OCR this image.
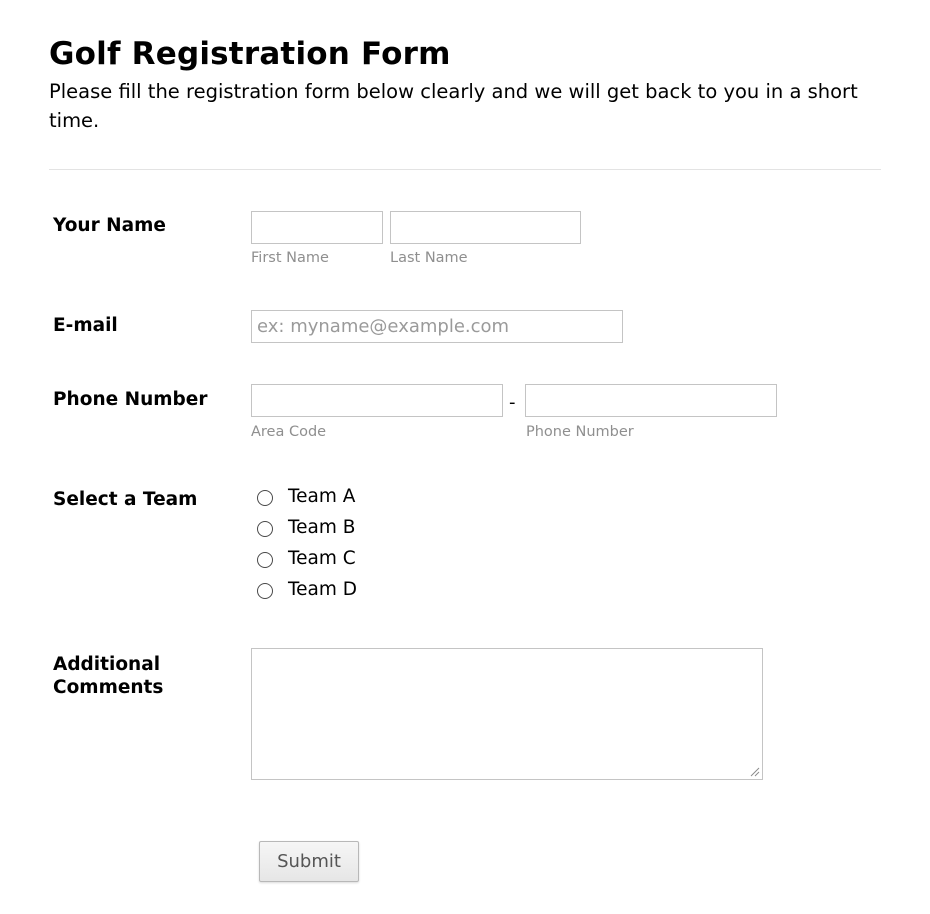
Golf Registration Form

Please fill the registration form below clearly and we will get back to you in a short time.

Your Name
First Name	Last Name
E-mail
ex: myname@example.com
Phone Number	-
Area Code	Phone Number
Select a Team	Team A
Team B
Team C
Team D
Additional
Comments
Submit
